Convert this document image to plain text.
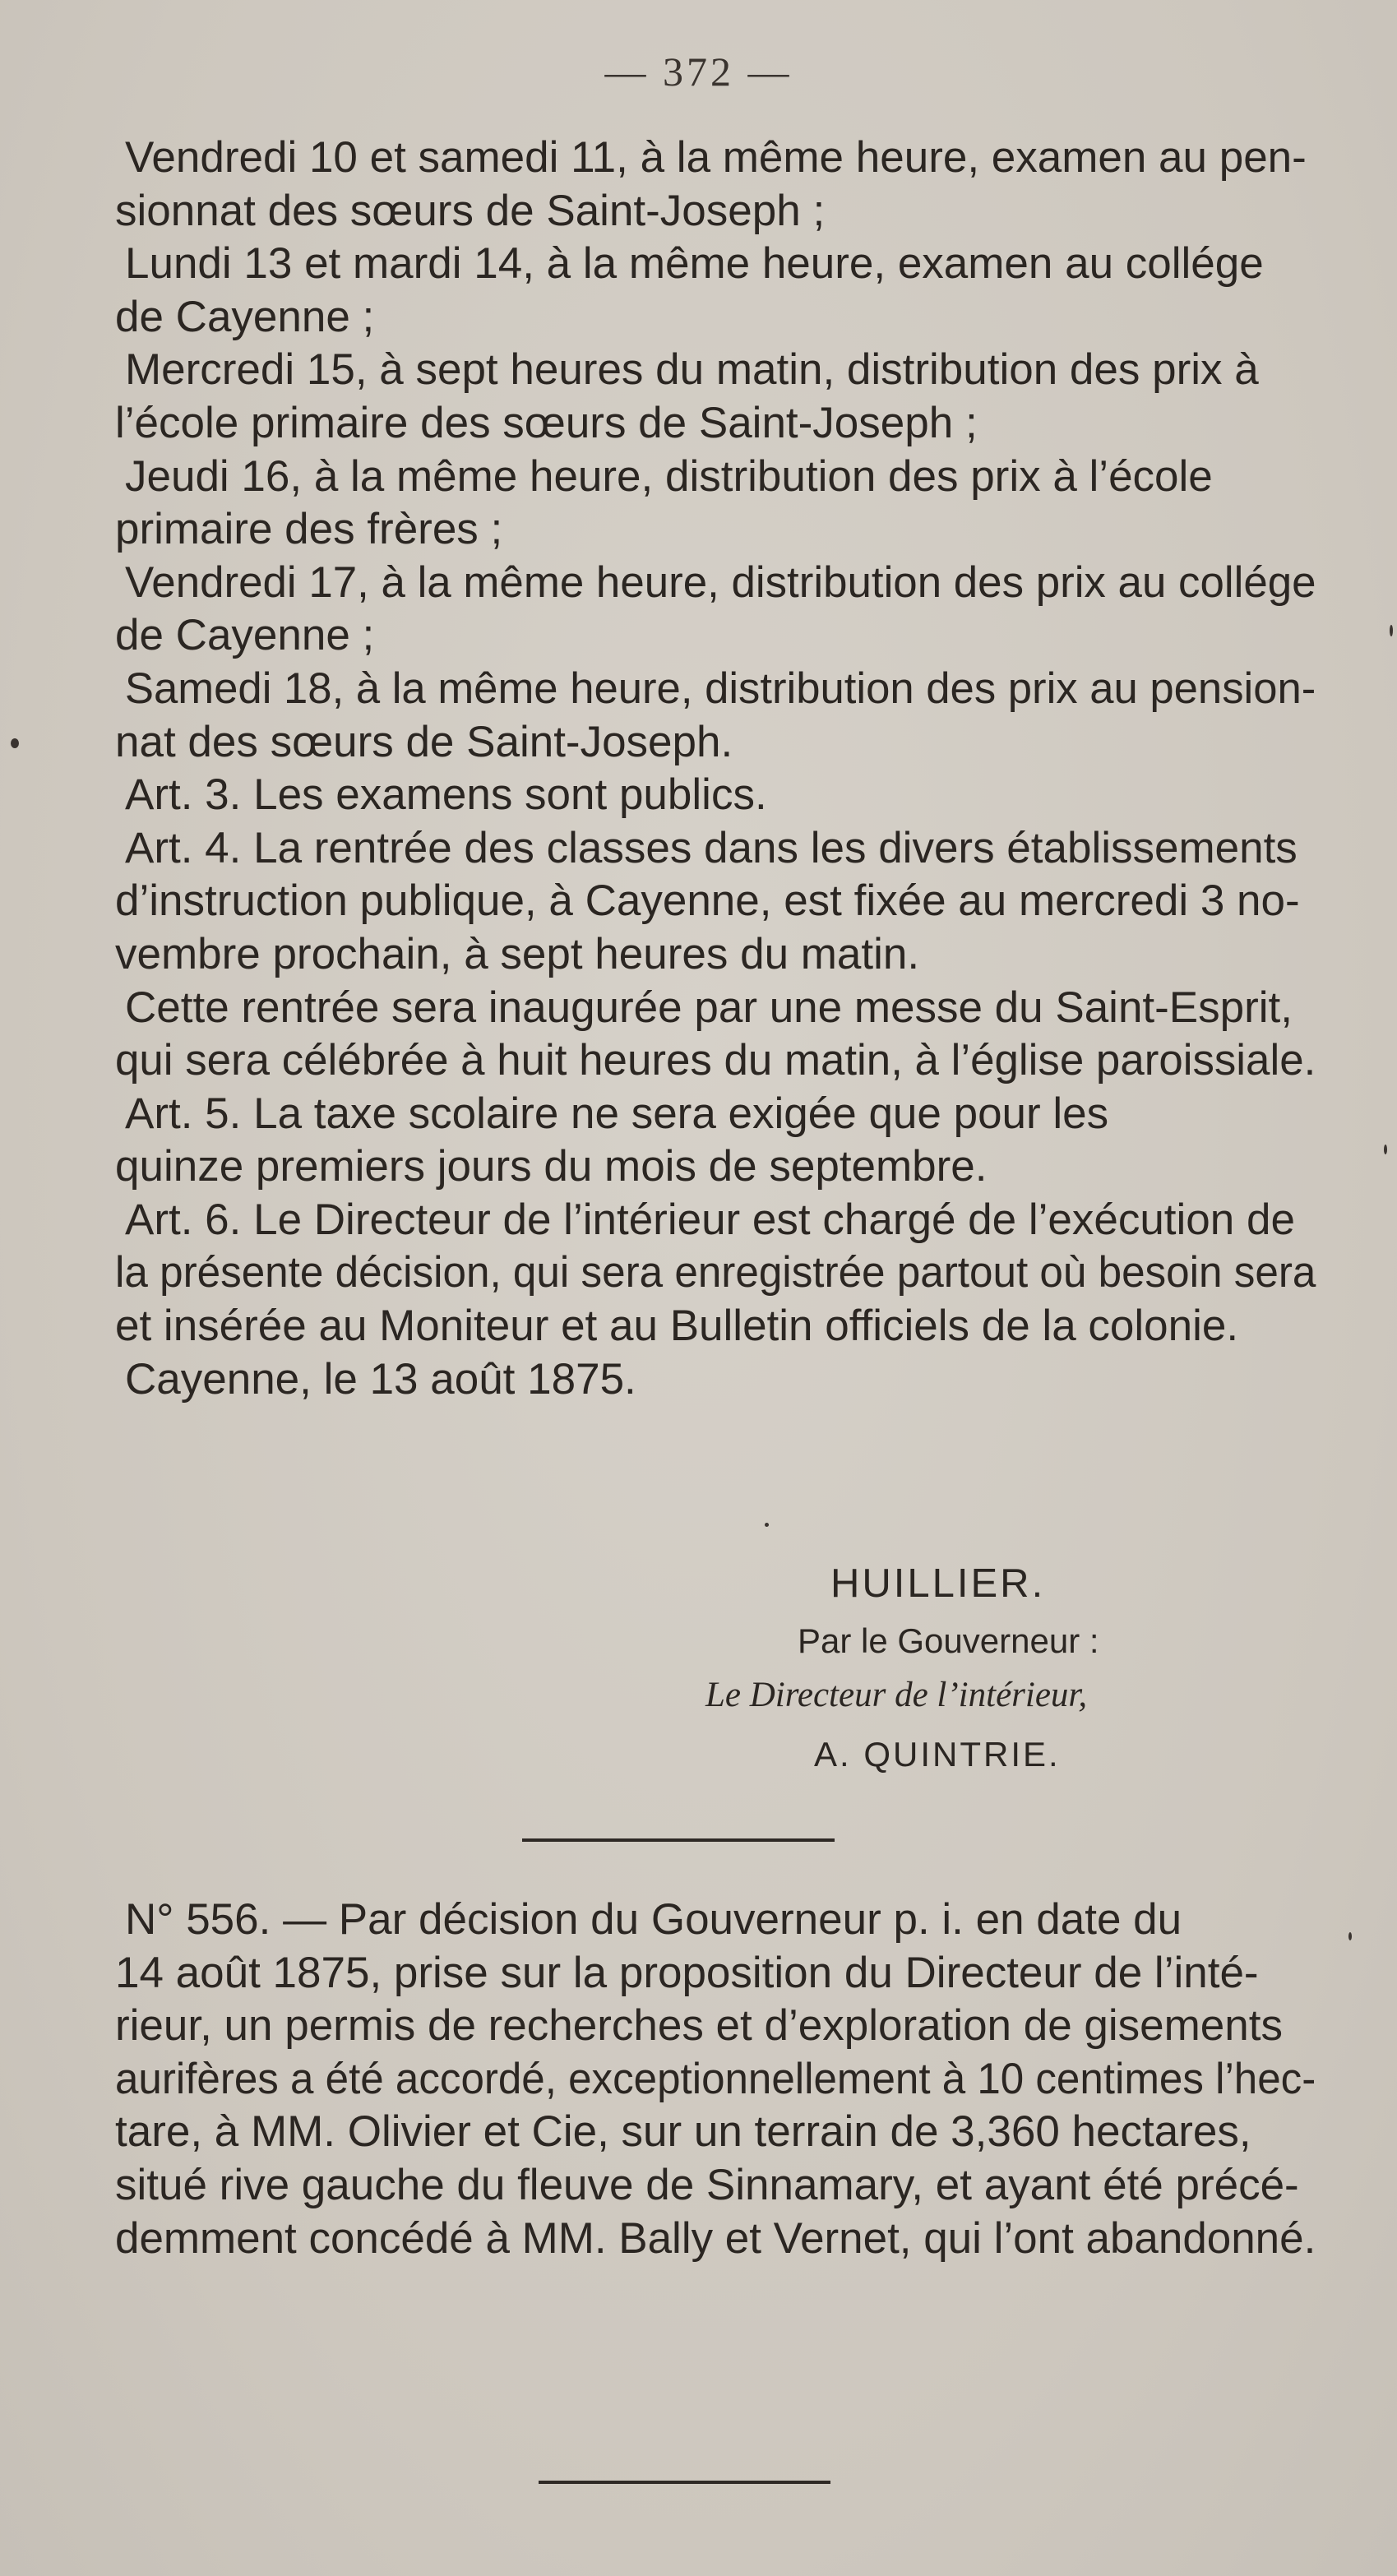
— 372 —
Vendredi 10 et samedi 11, à la même heure, examen au pen-
sionnat des sœurs de Saint-Joseph ;
Lundi 13 et mardi 14, à la même heure, examen au collége
de Cayenne ;
Mercredi 15, à sept heures du matin, distribution des prix à
l’école primaire des sœurs de Saint-Joseph ;
Jeudi 16, à la même heure, distribution des prix à l’école
primaire des frères ;
Vendredi 17, à la même heure, distribution des prix au collége
de Cayenne ;
Samedi 18, à la même heure, distribution des prix au pension-
nat des sœurs de Saint-Joseph.
Art. 3. Les examens sont publics.
Art. 4. La rentrée des classes dans les divers établissements
d’instruction publique, à Cayenne, est fixée au mercredi 3 no-
vembre prochain, à sept heures du matin.
Cette rentrée sera inaugurée par une messe du Saint-Esprit,
qui sera célébrée à huit heures du matin, à l’église paroissiale.
Art. 5. La taxe scolaire ne sera exigée que pour les
quinze premiers jours du mois de septembre.
Art. 6. Le Directeur de l’intérieur est chargé de l’exécution de
la présente décision, qui sera enregistrée partout où besoin sera
et insérée au Moniteur et au Bulletin officiels de la colonie.
Cayenne, le 13 août 1875.
HUILLIER.
Par le Gouverneur :
Le Directeur de l’intérieur,
A. QUINTRIE.
N° 556. — Par décision du Gouverneur p. i. en date du
14 août 1875, prise sur la proposition du Directeur de l’inté-
rieur, un permis de recherches et d’exploration de gisements
aurifères a été accordé, exceptionnellement à 10 centimes l’hec-
tare, à MM. Olivier et Cie, sur un terrain de 3,360 hectares,
situé rive gauche du fleuve de Sinnamary, et ayant été précé-
demment concédé à MM. Bally et Vernet, qui l’ont abandonné.
